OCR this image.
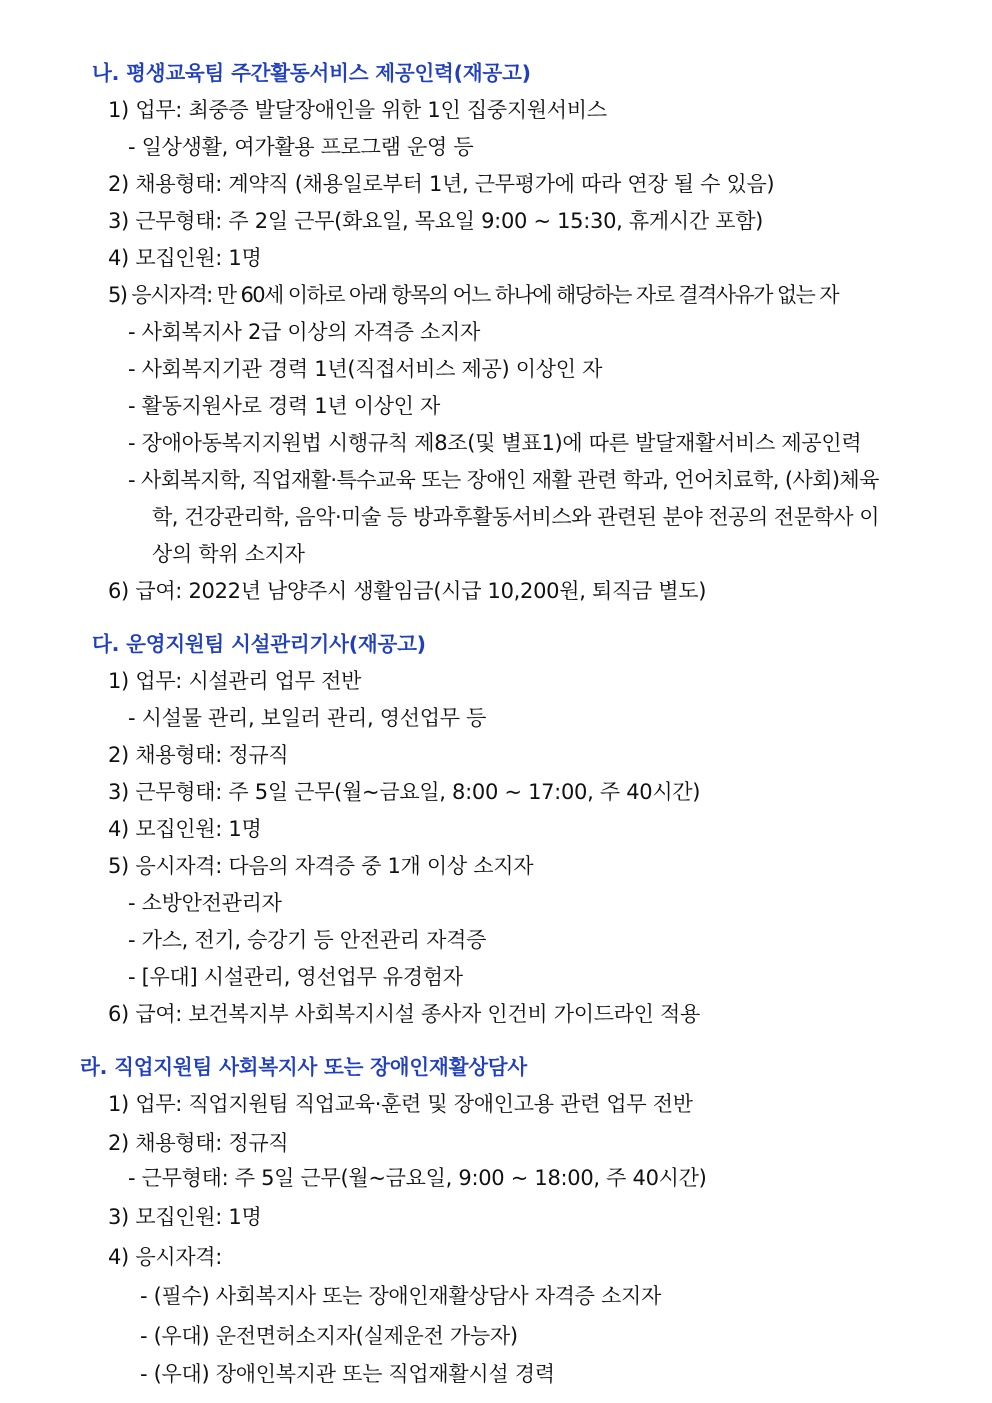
나. 평생교육팀 주간활동서비스 제공인력(재공고)
1) 업무: 최중증 발달장애인을 위한 1인 집중지원서비스
- 일상생활, 여가활용 프로그램 운영 등
2) 채용형태: 계약직 (채용일로부터 1년, 근무평가에 따라 연장 될 수 있음)
3) 근무형태: 주 2일 근무(화요일, 목요일 9:00 ~ 15:30, 휴게시간 포함)
4) 모집인원: 1명
5) 응시자격: 만 60세 이하로 아래 항목의 어느 하나에 해당하는 자로 결격사유가 없는 자
- 사회복지사 2급 이상의 자격증 소지자
- 사회복지기관 경력 1년(직접서비스 제공) 이상인 자
- 활동지원사로 경력 1년 이상인 자
- 장애아동복지지원법 시행규칙 제8조(및 별표1)에 따른 발달재활서비스 제공인력
- 사회복지학, 직업재활·특수교육 또는 장애인 재활 관련 학과, 언어치료학, (사회)체육
학, 건강관리학, 음악·미술 등 방과후활동서비스와 관련된 분야 전공의 전문학사 이
상의 학위 소지자
6) 급여: 2022년 남양주시 생활임금(시급 10,200원, 퇴직금 별도)
다. 운영지원팀 시설관리기사(재공고)
1) 업무: 시설관리 업무 전반
- 시설물 관리, 보일러 관리, 영선업무 등
2) 채용형태: 정규직
3) 근무형태: 주 5일 근무(월~금요일, 8:00 ~ 17:00, 주 40시간)
4) 모집인원: 1명
5) 응시자격: 다음의 자격증 중 1개 이상 소지자
- 소방안전관리자
- 가스, 전기, 승강기 등 안전관리 자격증
- [우대] 시설관리, 영선업무 유경험자
6) 급여: 보건복지부 사회복지시설 종사자 인건비 가이드라인 적용
라. 직업지원팀 사회복지사 또는 장애인재활상담사
1) 업무: 직업지원팀 직업교육·훈련 및 장애인고용 관련 업무 전반
2) 채용형태: 정규직
- 근무형태: 주 5일 근무(월~금요일, 9:00 ~ 18:00, 주 40시간)
3) 모집인원: 1명
4) 응시자격:
- (필수) 사회복지사 또는 장애인재활상담사 자격증 소지자
- (우대) 운전면허소지자(실제운전 가능자)
- (우대) 장애인복지관 또는 직업재활시설 경력
